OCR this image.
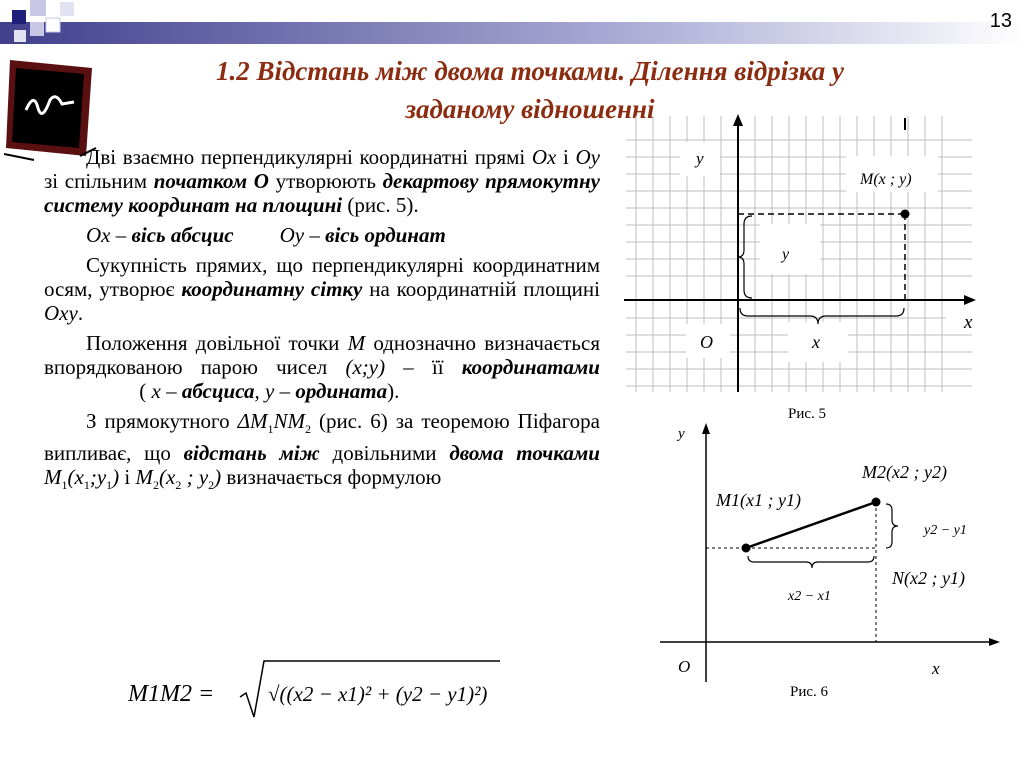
13
1.2 Відстань між двома точками. Ділення відрізка у
заданому відношенні

Дві взаємно перпендикулярні координатні прямі Ox і Oy зі спільним початком O утворюють декартову прямокутну систему координат на площині (рис. 5).

Ox – вісь абсцис Oy – вісь ординат

Сукупність прямих, що перпендикулярні координатним осям, утворює координатну сітку на координатній площині Oxy.

Положення довільної точки M однозначно визначається впорядкованою парою чисел (x;y) – її координатами ( x – абсциса, y – ордината).

З прямокутного $\Delta M_1NM_2$ (рис. 6) за теоремою Піфагора випливає, що відстань між довільними двома точками $M_1(x_1;y_1)$ і $M_2(x_2$ ; $y_2$) визначається формулою

y
M(x ; y)
y
x
O	x
Рис. 5
y
M2(x2 ; y2)
M1(x1 ; y1)
y2 − y1
N(x2 ; y1)
x2 − x1
O	x
Рис. 6
M1M2 =	√((x2 − x1)² + (y2 − y1)²)
